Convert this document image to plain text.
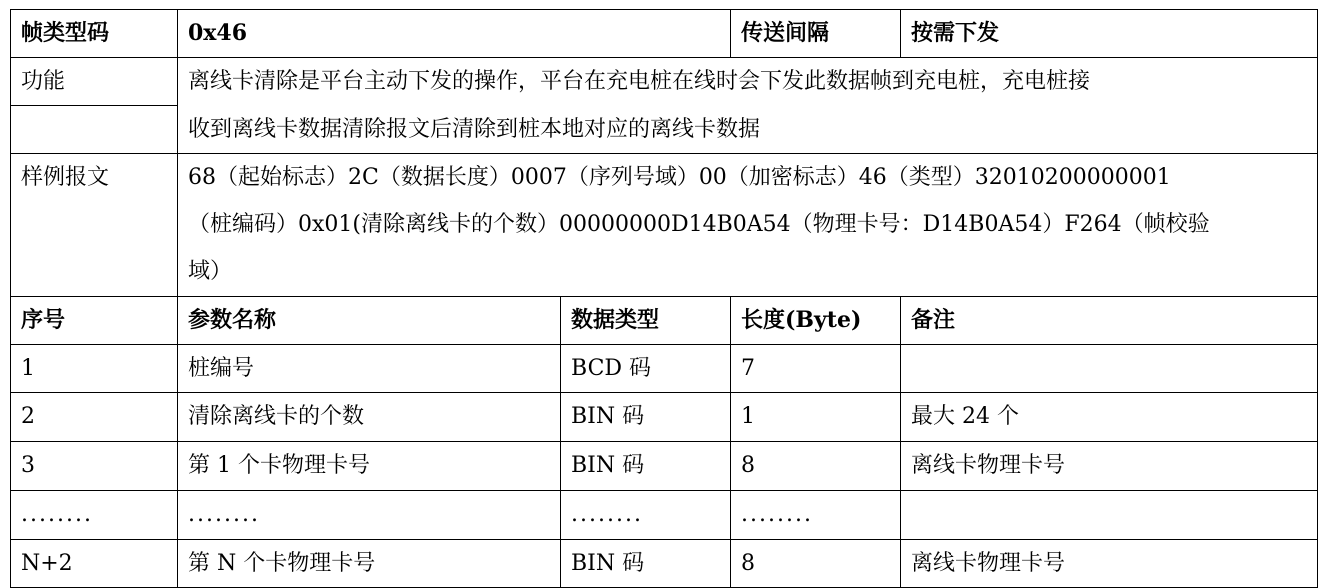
帧类型码	0x46		传送间隔	按需下发
功能	离线卡清除是平台主动下发的操作，平台在充电桩在线时会下发此数据帧到充电桩，充电桩接			
	收到离线卡数据清除报文后清除到桩本地对应的离线卡数据			
样例报文	68（起始标志）2C（数据长度）0007（序列号域）00（加密标志）46（类型）32010200000001
（桩编码）0x01(清除离线卡的个数）00000000D14B0A54（物理卡号：D14B0A54）F264（帧校验
域）			

序号	参数名称	数据类型	长度(Byte)	备注
1	桩编号	BCD 码	7	
2	清除离线卡的个数	BIN 码	1	最大 24 个
3	第 1 个卡物理卡号	BIN 码	8	离线卡物理卡号
........	........	........	........	
N+2	第 N 个卡物理卡号	BIN 码	8	离线卡物理卡号
